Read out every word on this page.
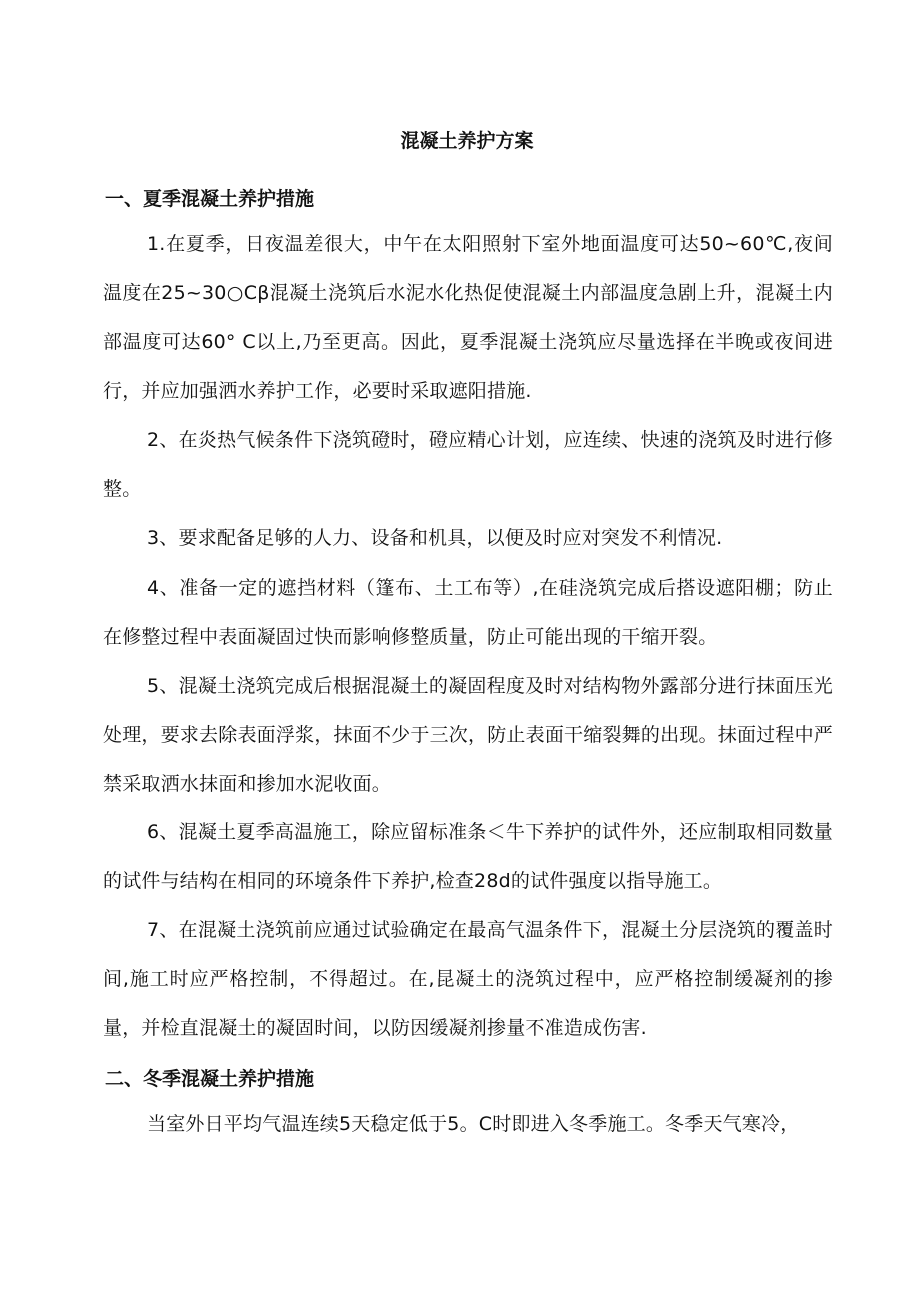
混凝土养护方案
一、夏季混凝土养护措施
1.在夏季，日夜温差很大，中午在太阳照射下室外地面温度可达50~60℃,夜间温度在25~30○Cβ混凝土浇筑后水泥水化热促使混凝土内部温度急剧上升，混凝土内部温度可达60° C以上,乃至更高。因此，夏季混凝土浇筑应尽量选择在半晚或夜间进行，并应加强洒水养护工作，必要时采取遮阳措施.
2、在炎热气候条件下浇筑磴时，磴应精心计划，应连续、快速的浇筑及时进行修整。
3、要求配备足够的人力、设备和机具，以便及时应对突发不利情况.
4、准备一定的遮挡材料（篷布、土工布等）,在硅浇筑完成后搭设遮阳棚；防止在修整过程中表面凝固过快而影响修整质量，防止可能出现的干缩开裂。
5、混凝土浇筑完成后根据混凝土的凝固程度及时对结构物外露部分进行抹面压光处理，要求去除表面浮浆，抹面不少于三次，防止表面干缩裂舞的出现。抹面过程中严禁采取洒水抹面和掺加水泥收面。
6、混凝土夏季高温施工，除应留标准条＜牛下养护的试件外，还应制取相同数量的试件与结构在相同的环境条件下养护,检查28d的试件强度以指导施工。
7、在混凝土浇筑前应通过试验确定在最高气温条件下，混凝土分层浇筑的覆盖时间,施工时应严格控制，不得超过。在,昆凝土的浇筑过程中，应严格控制缓凝剂的掺量，并检直混凝土的凝固时间，以防因缓凝剂掺量不准造成伤害.
二、冬季混凝土养护措施
当室外日平均气温连续5天稳定低于5。C时即进入冬季施工。冬季天气寒冷，
